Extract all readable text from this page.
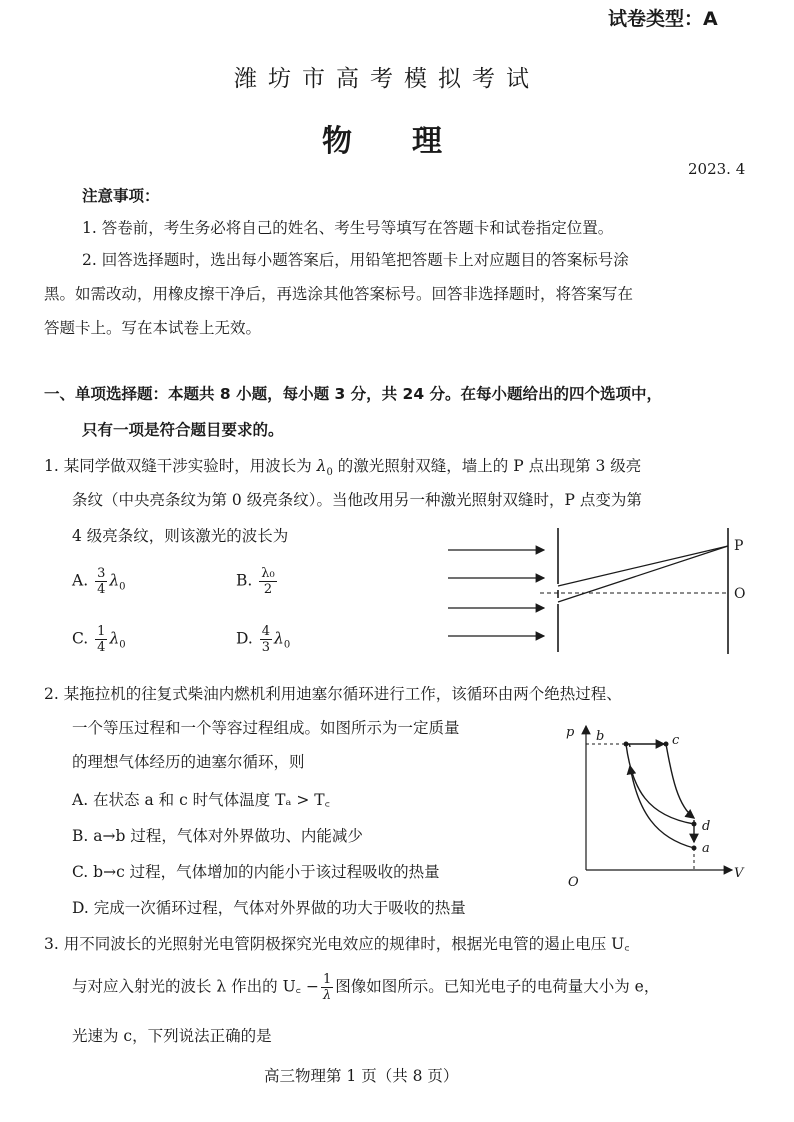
试卷类型：A
潍坊市高考模拟考试
物　　理
2023. 4
注意事项：
1. 答卷前，考生务必将自己的姓名、考生号等填写在答题卡和试卷指定位置。
2. 回答选择题时，选出每小题答案后，用铅笔把答题卡上对应题目的答案标号涂
黑。如需改动，用橡皮擦干净后，再选涂其他答案标号。回答非选择题时，将答案写在
答题卡上。写在本试卷上无效。
一、单项选择题：本题共 8 小题，每小题 3 分，共 24 分。在每小题给出的四个选项中，
只有一项是符合题目要求的。
1. 某同学做双缝干涉实验时，用波长为 $\lambda_0$ 的激光照射双缝，墙上的 P 点出现第 3 级亮
条纹（中央亮条纹为第 0 级亮条纹）。当他改用另一种激光照射双缝时，P 点变为第
4 级亮条纹，则该激光的波长为
A. $\frac{3}{4} \lambda_0$	B. $\frac{\text{λ₀}}{2}$
C. $\frac{1}{4} \lambda_0$	D. $\frac{4}{3} \lambda_0$
P
O
2. 某拖拉机的往复式柴油内燃机利用迪塞尔循环进行工作，该循环由两个绝热过程、
一个等压过程和一个等容过程组成。如图所示为一定质量
的理想气体经历的迪塞尔循环，则
A. 在状态 a 和 c 时气体温度 Tₐ > T꜀
B. a→b 过程，气体对外界做功、内能减少
C. b→c 过程，气体增加的内能小于该过程吸收的热量
D. 完成一次循环过程，气体对外界做的功大于吸收的热量
p
V
O
b	c
d
a
3. 用不同波长的光照射光电管阴极探究光电效应的规律时，根据光电管的遏止电压 U꜀
与对应入射光的波长 λ 作出的 U꜀ − $\frac{1}{\lambda}$ 图像如图所示。已知光电子的电荷量大小为 e，
光速为 c，下列说法正确的是
高三物理第 1 页（共 8 页）
